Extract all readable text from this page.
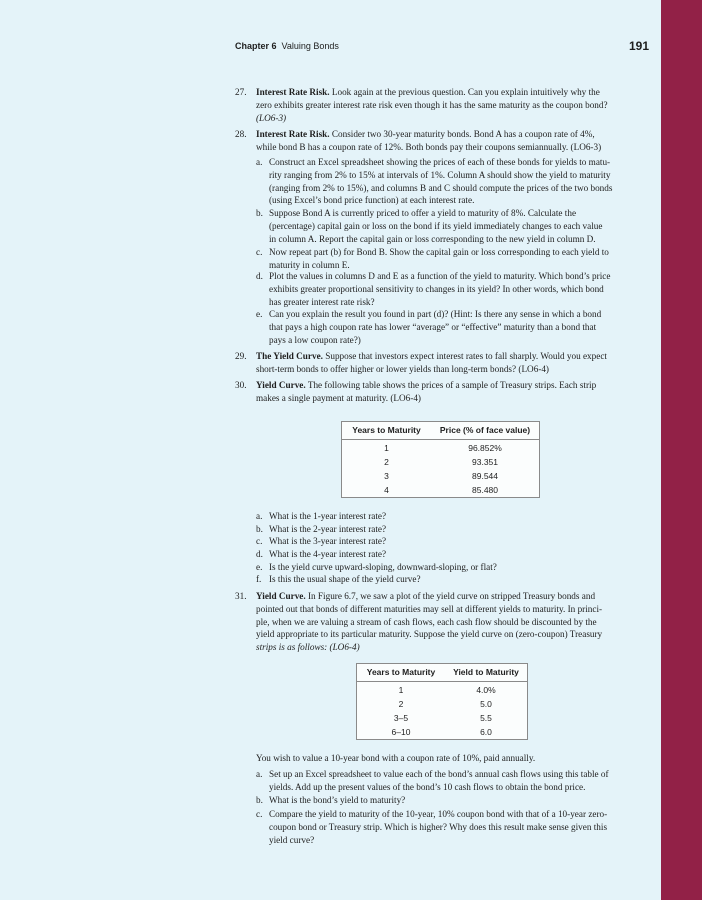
Chapter 6 Valuing Bonds	191
27. Interest Rate Risk. Look again at the previous question. Can you explain intuitively why the
zero exhibits greater interest rate risk even though it has the same maturity as the coupon bond?
(LO6-3)
28. Interest Rate Risk. Consider two 30-year maturity bonds. Bond A has a coupon rate of 4%,
while bond B has a coupon rate of 12%. Both bonds pay their coupons semiannually. (LO6-3)
a. Construct an Excel spreadsheet showing the prices of each of these bonds for yields to matu-
rity ranging from 2% to 15% at intervals of 1%. Column A should show the yield to maturity
(ranging from 2% to 15%), and columns B and C should compute the prices of the two bonds
(using Excel’s bond price function) at each interest rate.
b. Suppose Bond A is currently priced to offer a yield to maturity of 8%. Calculate the
(percentage) capital gain or loss on the bond if its yield immediately changes to each value
in column A. Report the capital gain or loss corresponding to the new yield in column D.
c. Now repeat part (b) for Bond B. Show the capital gain or loss corresponding to each yield to
maturity in column E.
d. Plot the values in columns D and E as a function of the yield to maturity. Which bond’s price
exhibits greater proportional sensitivity to changes in its yield? In other words, which bond
has greater interest rate risk?
e. Can you explain the result you found in part (d)? (Hint: Is there any sense in which a bond
that pays a high coupon rate has lower “average” or “effective” maturity than a bond that
pays a low coupon rate?)
29. The Yield Curve. Suppose that investors expect interest rates to fall sharply. Would you expect
short-term bonds to offer higher or lower yields than long-term bonds? (LO6-4)
30. Yield Curve. The following table shows the prices of a sample of Treasury strips. Each strip
makes a single payment at maturity. (LO6-4)
Years to Maturity	Price (% of face value)
1	96.852%
2	93.351
3	89.544
4	85.480
a. What is the 1-year interest rate?
b. What is the 2-year interest rate?
c. What is the 3-year interest rate?
d. What is the 4-year interest rate?
e. Is the yield curve upward-sloping, downward-sloping, or flat?
f. Is this the usual shape of the yield curve?
31. Yield Curve. In Figure 6.7, we saw a plot of the yield curve on stripped Treasury bonds and
pointed out that bonds of different maturities may sell at different yields to maturity. In princi-
ple, when we are valuing a stream of cash flows, each cash flow should be discounted by the
yield appropriate to its particular maturity. Suppose the yield curve on (zero-coupon) Treasury
strips is as follows: (LO6-4)
Years to Maturity	Yield to Maturity
1	4.0%
2	5.0
3–5	5.5
6–10	6.0
You wish to value a 10-year bond with a coupon rate of 10%, paid annually.
a. Set up an Excel spreadsheet to value each of the bond’s annual cash flows using this table of
yields. Add up the present values of the bond’s 10 cash flows to obtain the bond price.
b. What is the bond’s yield to maturity?
c. Compare the yield to maturity of the 10-year, 10% coupon bond with that of a 10-year zero-
coupon bond or Treasury strip. Which is higher? Why does this result make sense given this
yield curve?
